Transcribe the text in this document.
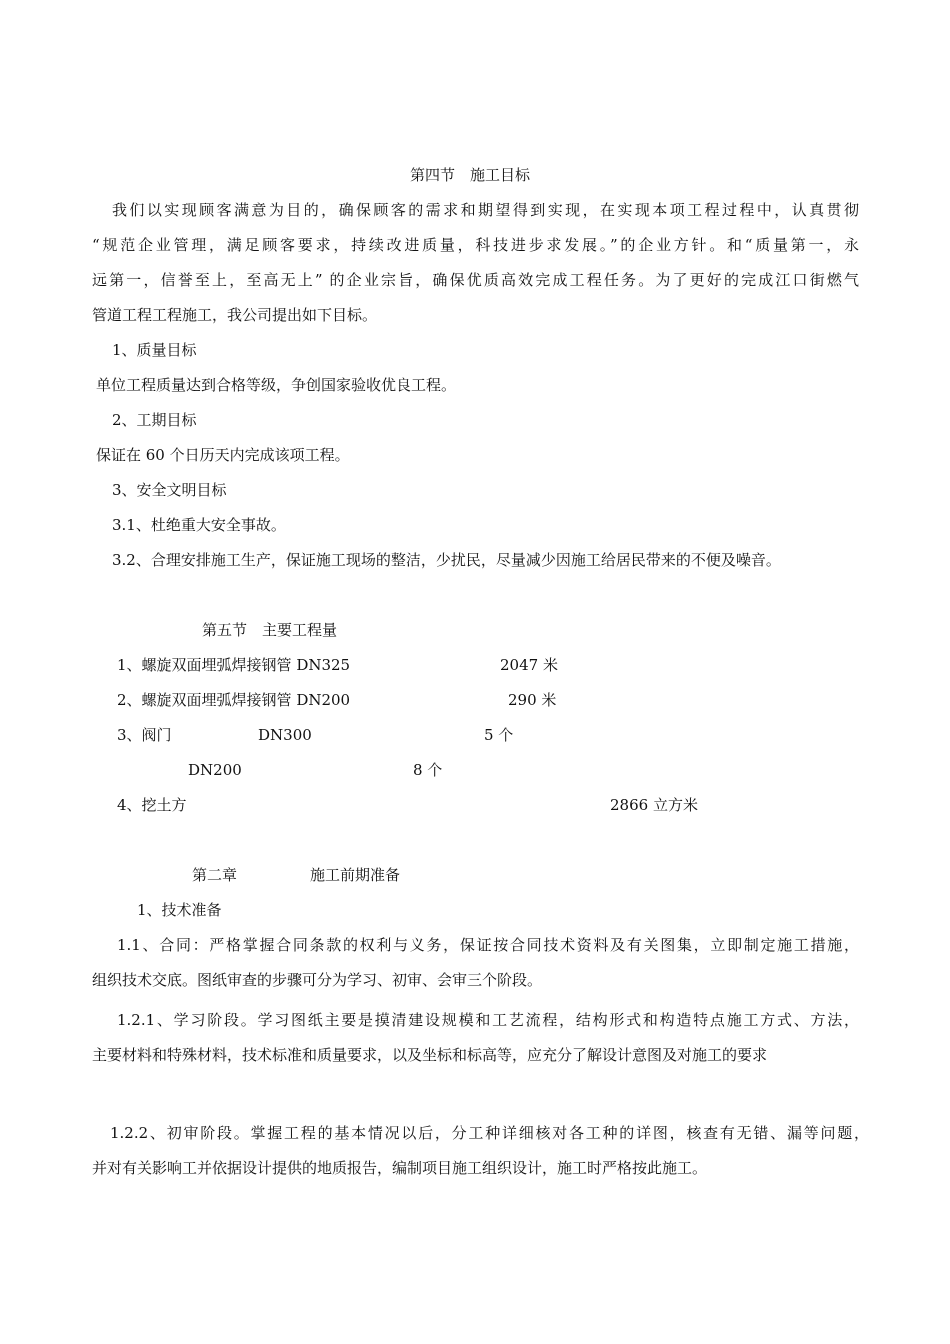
第四节　施工目标
我们以实现顾客满意为目的，确保顾客的需求和期望得到实现，在实现本项工程过程中，认真贯彻
“规范企业管理，满足顾客要求，持续改进质量，科技进步求发展。”的企业方针。和“质量第一，永
远第一，信誉至上，至高无上” 的企业宗旨，确保优质高效完成工程任务。为了更好的完成江口街燃气
管道工程工程施工，我公司提出如下目标。
1、质量目标
单位工程质量达到合格等级，争创国家验收优良工程。
2、工期目标
保证在 60 个日历天内完成该项工程。
3、安全文明目标
3.1、杜绝重大安全事故。
3.2、合理安排施工生产，保证施工现场的整洁，少扰民，尽量减少因施工给居民带来的不便及噪音。
第五节　主要工程量
1、螺旋双面埋弧焊接钢管 DN325	2047 米
2、螺旋双面埋弧焊接钢管 DN200	290 米
3、阀门	DN300	5 个
DN200	8 个
4、挖土方	2866 立方米
第二章	施工前期准备
1、技术准备
1.1、合同：严格掌握合同条款的权利与义务，保证按合同技术资料及有关图集，立即制定施工措施，
组织技术交底。图纸审查的步骤可分为学习、初审、会审三个阶段。
1.2.1、学习阶段。学习图纸主要是摸清建设规模和工艺流程，结构形式和构造特点施工方式、方法，
主要材料和特殊材料，技术标准和质量要求，以及坐标和标高等，应充分了解设计意图及对施工的要求
1.2.2、初审阶段。掌握工程的基本情况以后，分工种详细核对各工种的详图，核查有无错、漏等问题，
并对有关影响工并依据设计提供的地质报告，编制项目施工组织设计，施工时严格按此施工。
